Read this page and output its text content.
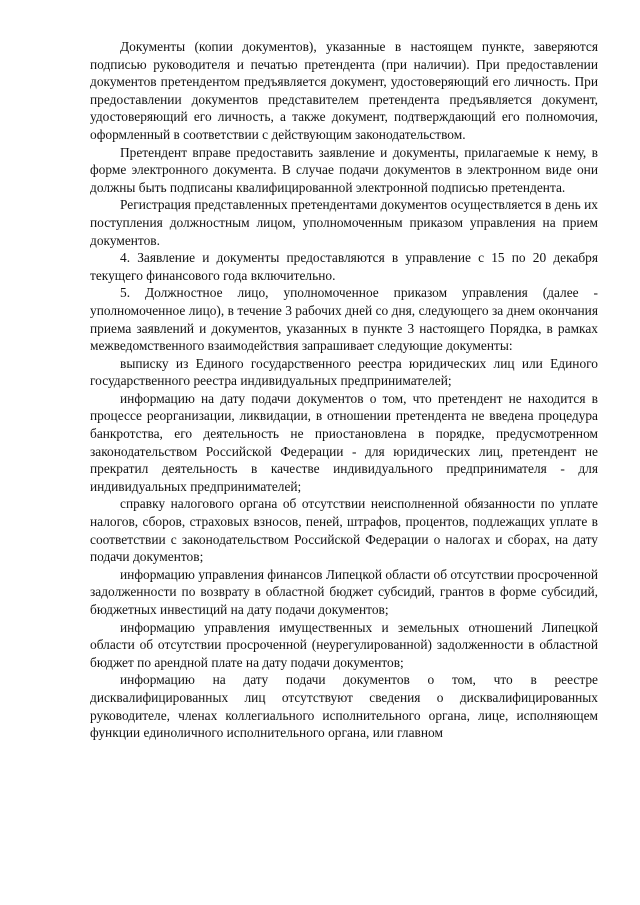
Документы (копии документов), указанные в настоящем пункте, заверяются подписью руководителя и печатью претендента (при наличии). При предоставлении документов претендентом предъявляется документ, удостоверяющий его личность. При предоставлении документов представителем претендента предъявляется документ, удостоверяющий его личность, а также документ, подтверждающий его полномочия, оформленный в соответствии с действующим законодательством.

Претендент вправе предоставить заявление и документы, прилагаемые к нему, в форме электронного документа. В случае подачи документов в электронном виде они должны быть подписаны квалифицированной электронной подписью претендента.

Регистрация представленных претендентами документов осуществляется в день их поступления должностным лицом, уполномоченным приказом управления на прием документов.

4. Заявление и документы предоставляются в управление с 15 по 20 декабря текущего финансового года включительно.

5. Должностное лицо, уполномоченное приказом управления (далее - уполномоченное лицо), в течение 3 рабочих дней со дня, следующего за днем окончания приема заявлений и документов, указанных в пункте 3 настоящего Порядка, в рамках межведомственного взаимодействия запрашивает следующие документы:

выписку из Единого государственного реестра юридических лиц или Единого государственного реестра индивидуальных предпринимателей;

информацию на дату подачи документов о том, что претендент не находится в процессе реорганизации, ликвидации, в отношении претендента не введена процедура банкротства, его деятельность не приостановлена в порядке, предусмотренном законодательством Российской Федерации - для юридических лиц, претендент не прекратил деятельность в качестве индивидуального предпринимателя - для индивидуальных предпринимателей;

справку налогового органа об отсутствии неисполненной обязанности по уплате налогов, сборов, страховых взносов, пеней, штрафов, процентов, подлежащих уплате в соответствии с законодательством Российской Федерации о налогах и сборах, на дату подачи документов;

информацию управления финансов Липецкой области об отсутствии просроченной задолженности по возврату в областной бюджет субсидий, грантов в форме субсидий, бюджетных инвестиций на дату подачи документов;

информацию управления имущественных и земельных отношений Липецкой области об отсутствии просроченной (неурегулированной) задолженности в областной бюджет по арендной плате на дату подачи документов;

информацию на дату подачи документов о том, что в реестре дисквалифицированных лиц отсутствуют сведения о дисквалифицированных руководителе, членах коллегиального исполнительного органа, лице, исполняющем функции единоличного исполнительного органа, или главном
